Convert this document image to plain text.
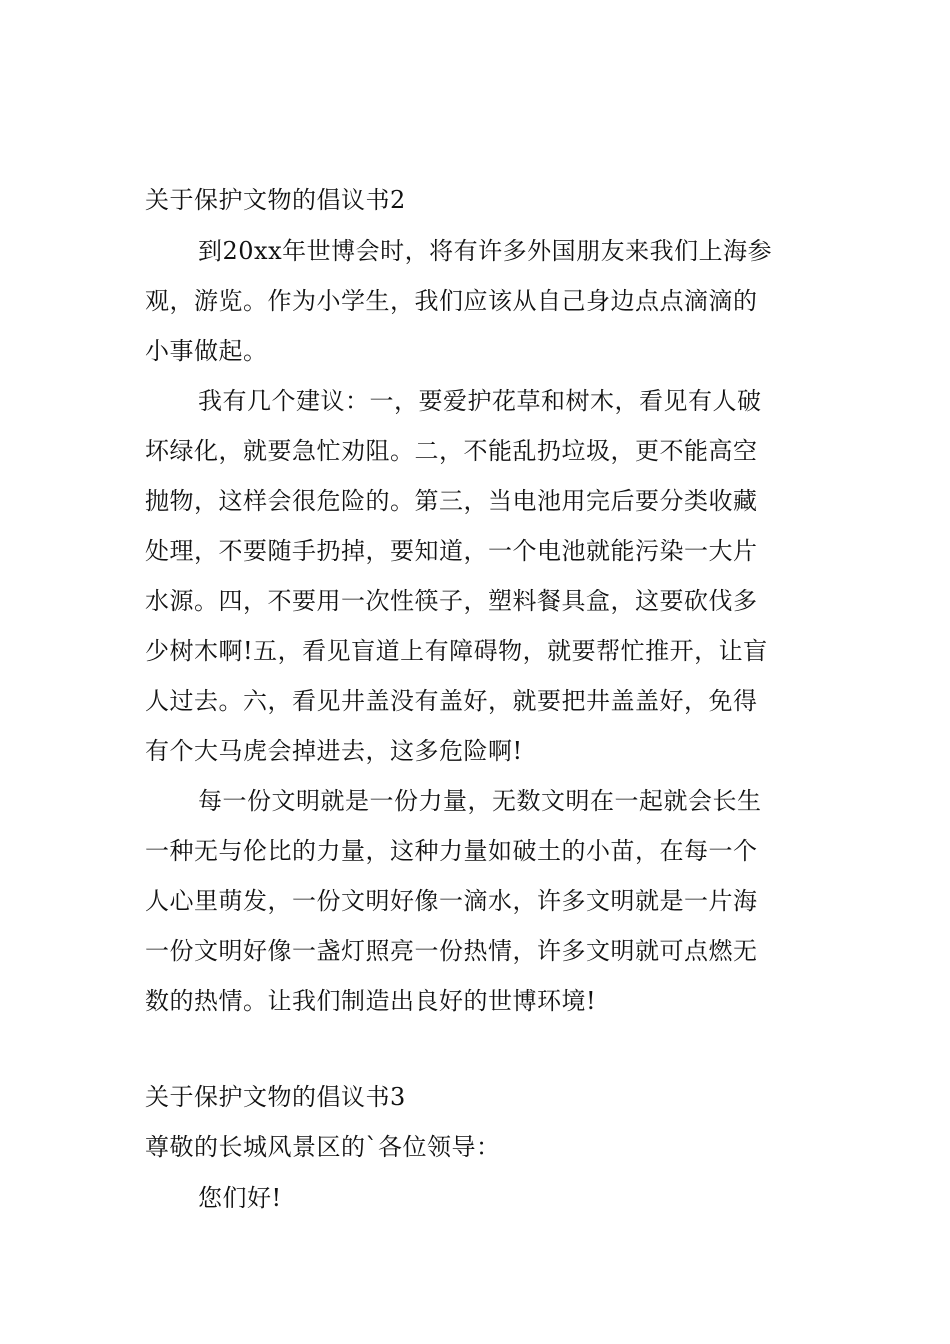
关于保护文物的倡议书2
到20xx年世博会时，将有许多外国朋友来我们上海参
观，游览。作为小学生，我们应该从自己身边点点滴滴的
小事做起。
我有几个建议：一，要爱护花草和树木，看见有人破
坏绿化，就要急忙劝阻。二，不能乱扔垃圾，更不能高空
抛物，这样会很危险的。第三，当电池用完后要分类收藏
处理，不要随手扔掉，要知道，一个电池就能污染一大片
水源。四，不要用一次性筷子，塑料餐具盒，这要砍伐多
少树木啊!五，看见盲道上有障碍物，就要帮忙推开，让盲
人过去。六，看见井盖没有盖好，就要把井盖盖好，免得
有个大马虎会掉进去，这多危险啊!
每一份文明就是一份力量，无数文明在一起就会长生
一种无与伦比的力量，这种力量如破土的小苗，在每一个
人心里萌发，一份文明好像一滴水，许多文明就是一片海
一份文明好像一盏灯照亮一份热情，许多文明就可点燃无
数的热情。让我们制造出良好的世博环境!
关于保护文物的倡议书3
尊敬的长城风景区的`各位领导：
您们好!
